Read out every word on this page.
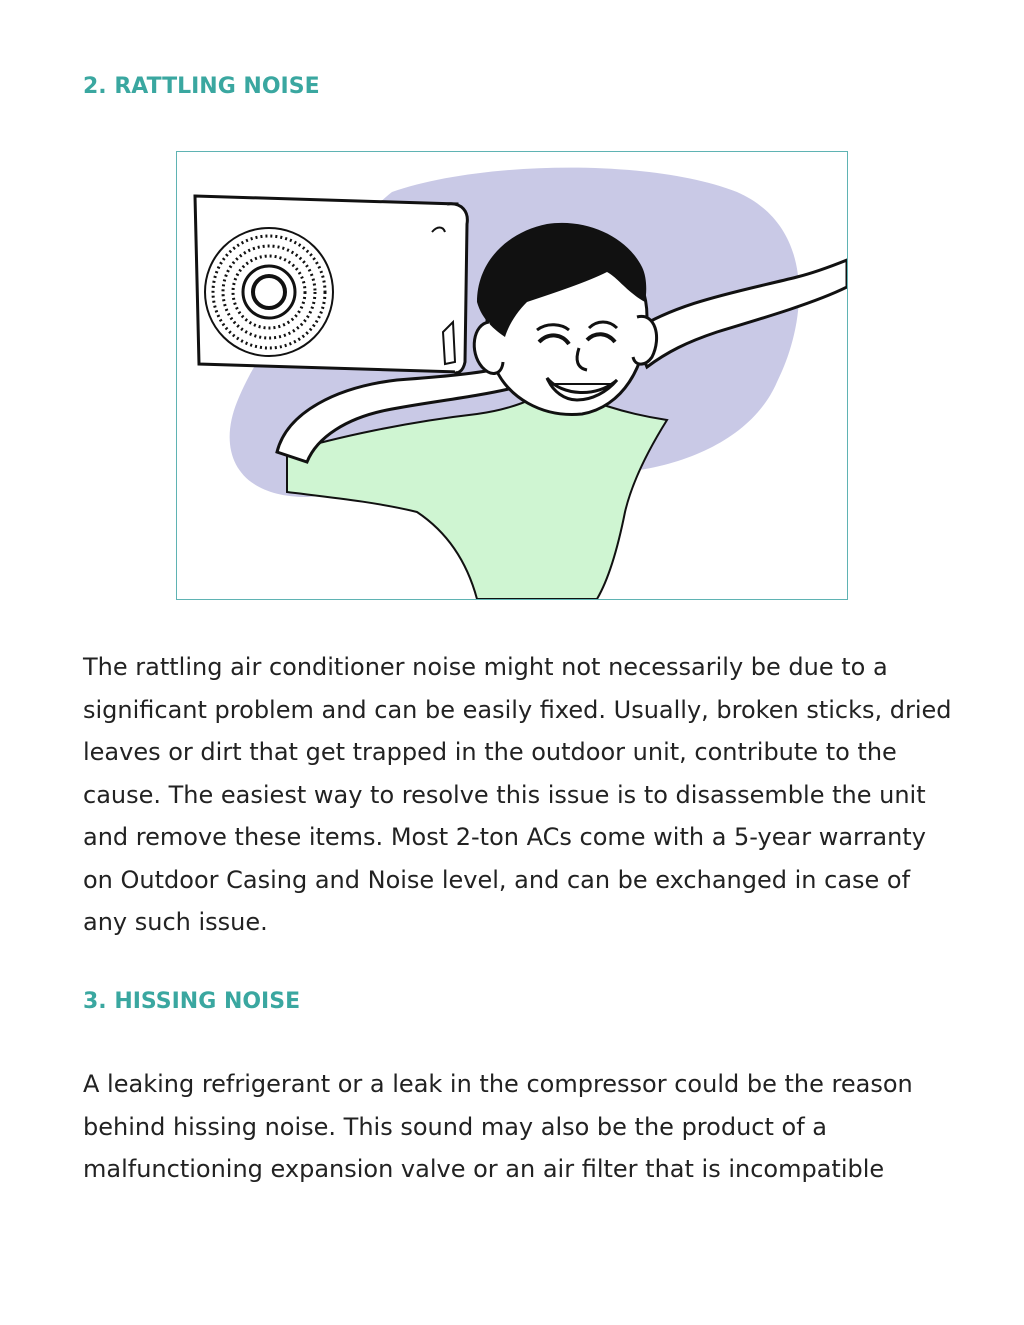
2. RATTLING NOISE

The rattling air conditioner noise might not necessarily be due to a significant problem and can be easily fixed. Usually, broken sticks, dried leaves or dirt that get trapped in the outdoor unit, contribute to the cause. The easiest way to resolve this issue is to disassemble the unit and remove these items. Most 2-ton ACs come with a 5-year warranty on Outdoor Casing and Noise level, and can be exchanged in case of any such issue.

3. HISSING NOISE

A leaking refrigerant or a leak in the compressor could be the reason behind hissing noise. This sound may also be the product of a malfunctioning expansion valve or an air filter that is incompatible
